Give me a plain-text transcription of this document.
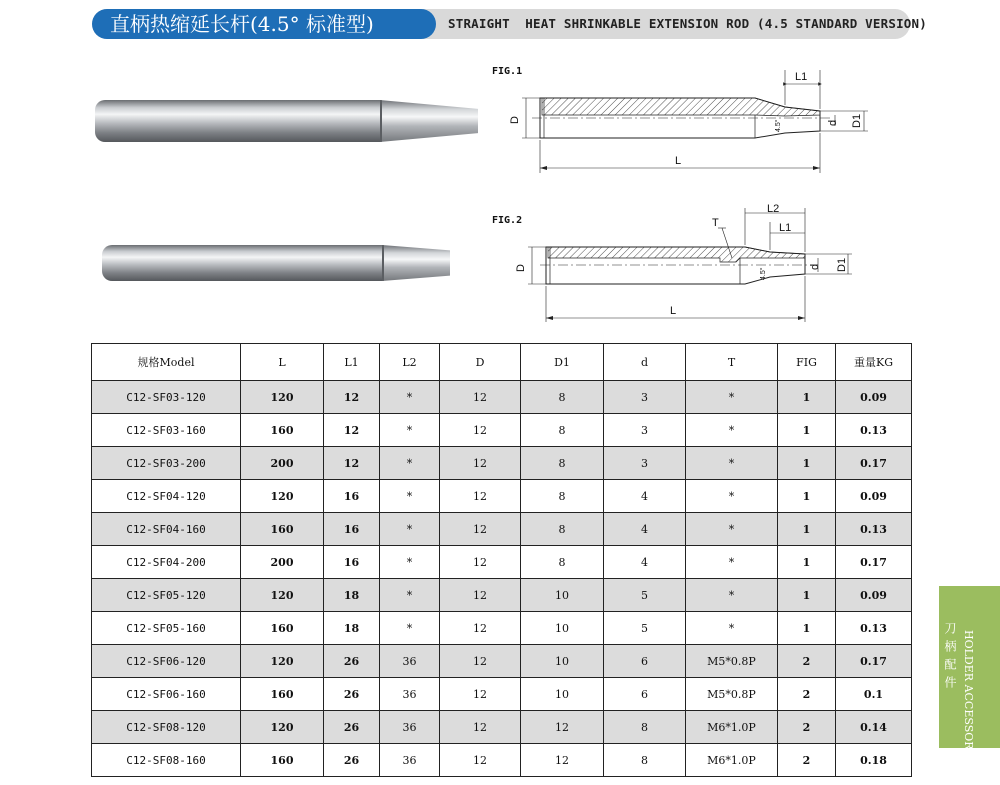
直柄热缩延长杆(4.5° 标准型)	STRAIGHT  HEAT SHRINKABLE EXTENSION ROD (4.5 STANDARD VERSION)
FIG.1	L1
L
D	D1
d
4.5°
FIG.2	T
L2
L1
L
D	D1
d
4.5°
规格Model	L	L1	L2	D	D1	d	T	FIG	重量KG
C12-SF03-120	120	12	*	12	8	3	*	1	0.09
C12-SF03-160	160	12	*	12	8	3	*	1	0.13
C12-SF03-200	200	12	*	12	8	3	*	1	0.17
C12-SF04-120	120	16	*	12	8	4	*	1	0.09
C12-SF04-160	160	16	*	12	8	4	*	1	0.13
C12-SF04-200	200	16	*	12	8	4	*	1	0.17
C12-SF05-120	120	18	*	12	10	5	*	1	0.09
C12-SF05-160	160	18	*	12	10	5	*	1	0.13
C12-SF06-120	120	26	36	12	10	6	M5*0.8P	2	0.17
C12-SF06-160	160	26	36	12	10	6	M5*0.8P	2	0.1
C12-SF08-120	120	26	36	12	12	8	M6*1.0P	2	0.14
C12-SF08-160	160	26	36	12	12	8	M6*1.0P	2	0.18	HOLDER ACCESSORIES
刀柄配件
